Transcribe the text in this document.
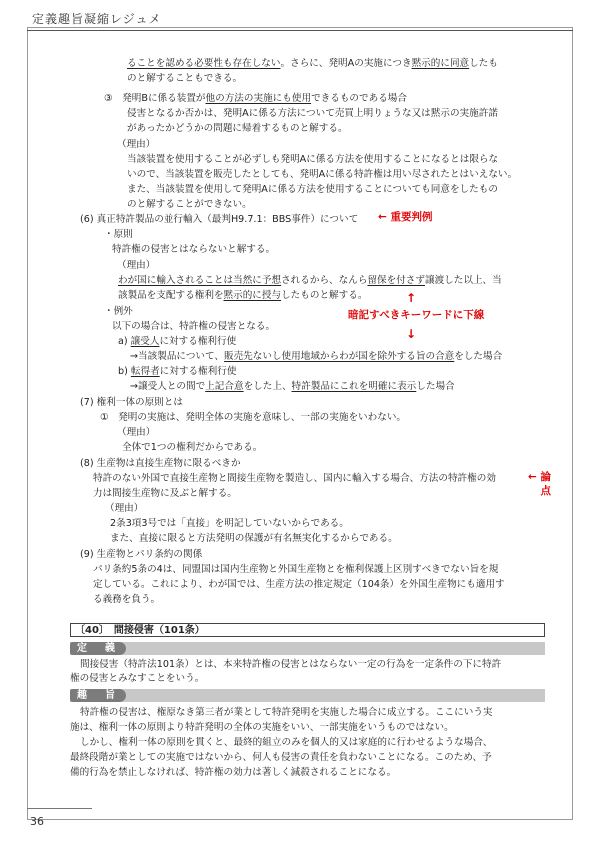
定義趣旨凝縮レジュメ
ることを認める必要性も存在しない。さらに、発明Aの実施につき黙示的に同意したも
のと解することもできる。
③　発明Bに係る装置が他の方法の実施にも使用できるものである場合
侵害となるか否かは、発明Aに係る方法について売買上明りょうな又は黙示の実施許諾
があったかどうかの問題に帰着するものと解する。
（理由）
当該装置を使用することが必ずしも発明Aに係る方法を使用することになるとは限らな
いので、当該装置を販売したとしても、発明Aに係る特許権は用い尽されたとはいえない。
また、当該装置を使用して発明Aに係る方法を使用することについても同意をしたもの
のと解することができない。
(6) 真正特許製品の並行輸入（最判H9.7.1：BBS事件）について
・原則
特許権の侵害とはならないと解する。
（理由）
わが国に輸入されることは当然に予想されるから、なんら留保を付さず譲渡した以上、当
該製品を支配する権利を黙示的に授与したものと解する。
・例外
以下の場合は、特許権の侵害となる。
a) 譲受人に対する権利行使
→当該製品について、販売先ないし使用地域からわが国を除外する旨の合意をした場合
b) 転得者に対する権利行使
→譲受人との間で上記合意をした上、特許製品にこれを明確に表示した場合
(7) 権利一体の原則とは
①　発明の実施は、発明全体の実施を意味し、一部の実施をいわない。
（理由）
全体で1つの権利だからである。
(8) 生産物は直接生産物に限るべきか
特許のない外国で直接生産物と間接生産物を製造し、国内に輸入する場合、方法の特許権の効
力は間接生産物に及ぶと解する。
（理由）
2条3項3号では「直接」を明記していないからである。
また、直接に限ると方法発明の保護が有名無実化するからである。
(9) 生産物とパリ条約の関係
パリ条約5条の4は、同盟国は国内生産物と外国生産物とを権利保護上区別すべきでない旨を規
定している。これにより、わが国では、生産方法の推定規定（104条）を外国生産物にも適用す
る義務を負う。
← 重要判例
↑
暗記すべきキーワードに下線
↓
← 論点
〔40〕　間接侵害（101条）
定　義
間接侵害（特許法101条）とは、本来特許権の侵害とはならない一定の行為を一定条件の下に特許
権の侵害とみなすことをいう。
趣　旨
特許権の侵害は、権原なき第三者が業として特許発明を実施した場合に成立する。ここにいう実
施は、権利一体の原則より特許発明の全体の実施をいい、一部実施をいうものではない。
しかし、権利一体の原則を貫くと、最終的組立のみを個人的又は家庭的に行わせるような場合、
最終段階が業としての実施ではないから、何人も侵害の責任を負わないことになる。このため、予
備的行為を禁止しなければ、特許権の効力は著しく減殺されることになる。
36
